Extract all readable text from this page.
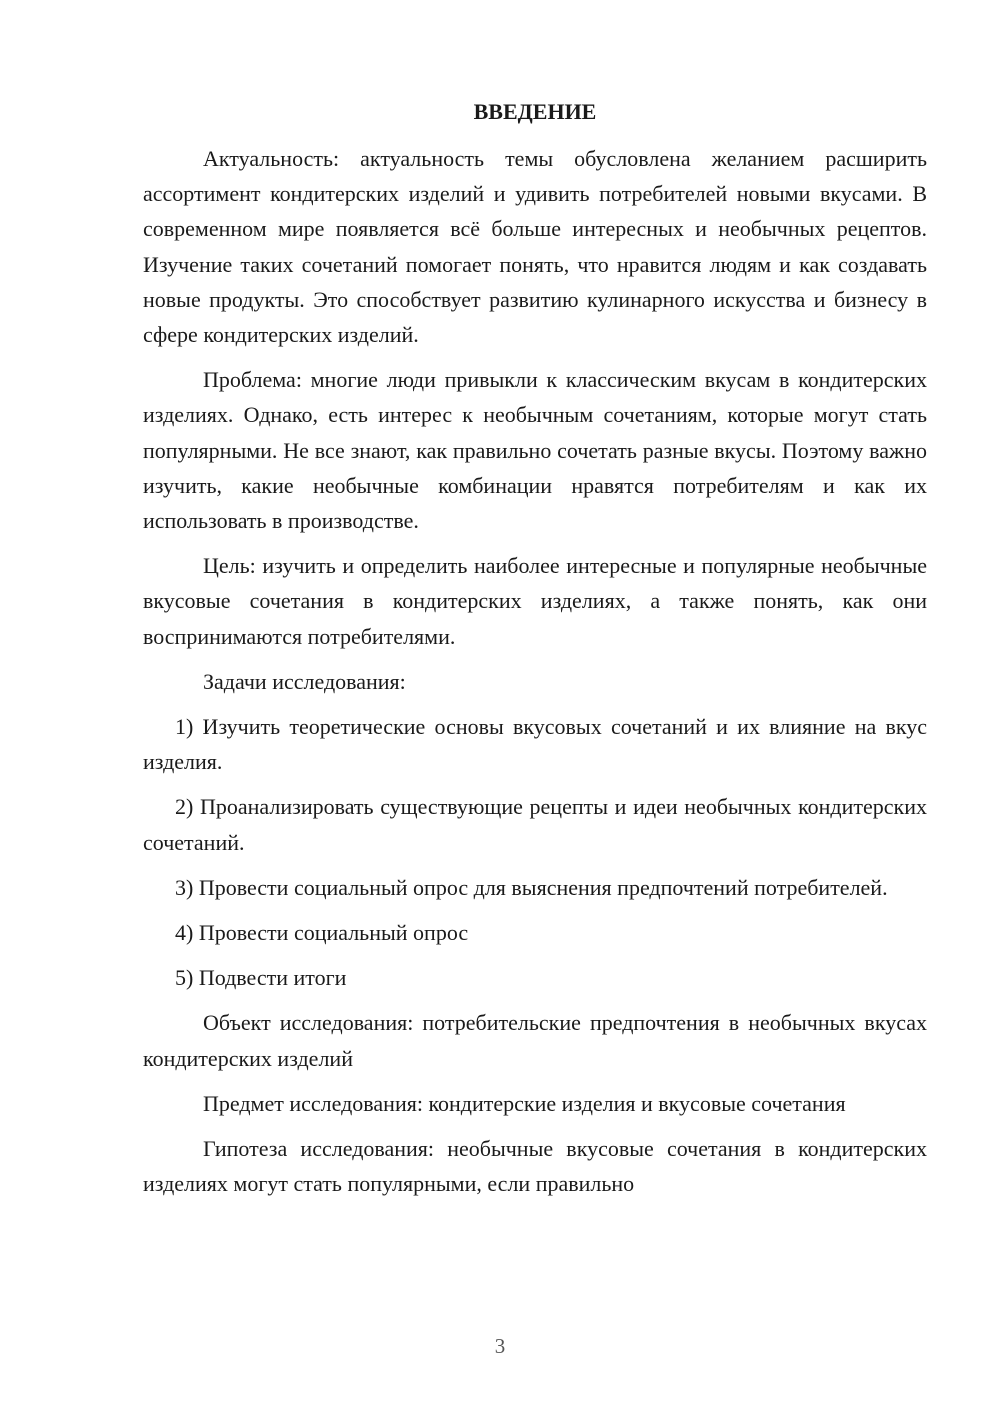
ВВЕДЕНИЕ

Актуальность: актуальность темы обусловлена желанием расширить ассортимент кондитерских изделий и удивить потребителей новыми вкусами. В современном мире появляется всё больше интересных и необычных рецептов. Изучение таких сочетаний помогает понять, что нравится людям и как создавать новые продукты. Это способствует развитию кулинарного искусства и бизнесу в сфере кондитерских изделий.

Проблема: многие люди привыкли к классическим вкусам в кондитерских изделиях. Однако, есть интерес к необычным сочетаниям, которые могут стать популярными. Не все знают, как правильно сочетать разные вкусы. Поэтому важно изучить, какие необычные комбинации нравятся потребителям и как их использовать в производстве.

Цель: изучить и определить наиболее интересные и популярные необычные вкусовые сочетания в кондитерских изделиях, а также понять, как они воспринимаются потребителями.

Задачи исследования:

1) Изучить теоретические основы вкусовых сочетаний и их влияние на вкус изделия.

2) Проанализировать существующие рецепты и идеи необычных кондитерских сочетаний.

3) Провести социальный опрос для выяснения предпочтений потребителей.

4) Провести социальный опрос

5) Подвести итоги

Объект исследования: потребительские предпочтения в необычных вкусах кондитерских изделий

Предмет исследования: кондитерские изделия и вкусовые сочетания

Гипотеза исследования: необычные вкусовые сочетания в кондитерских изделиях могут стать популярными, если правильно

3
